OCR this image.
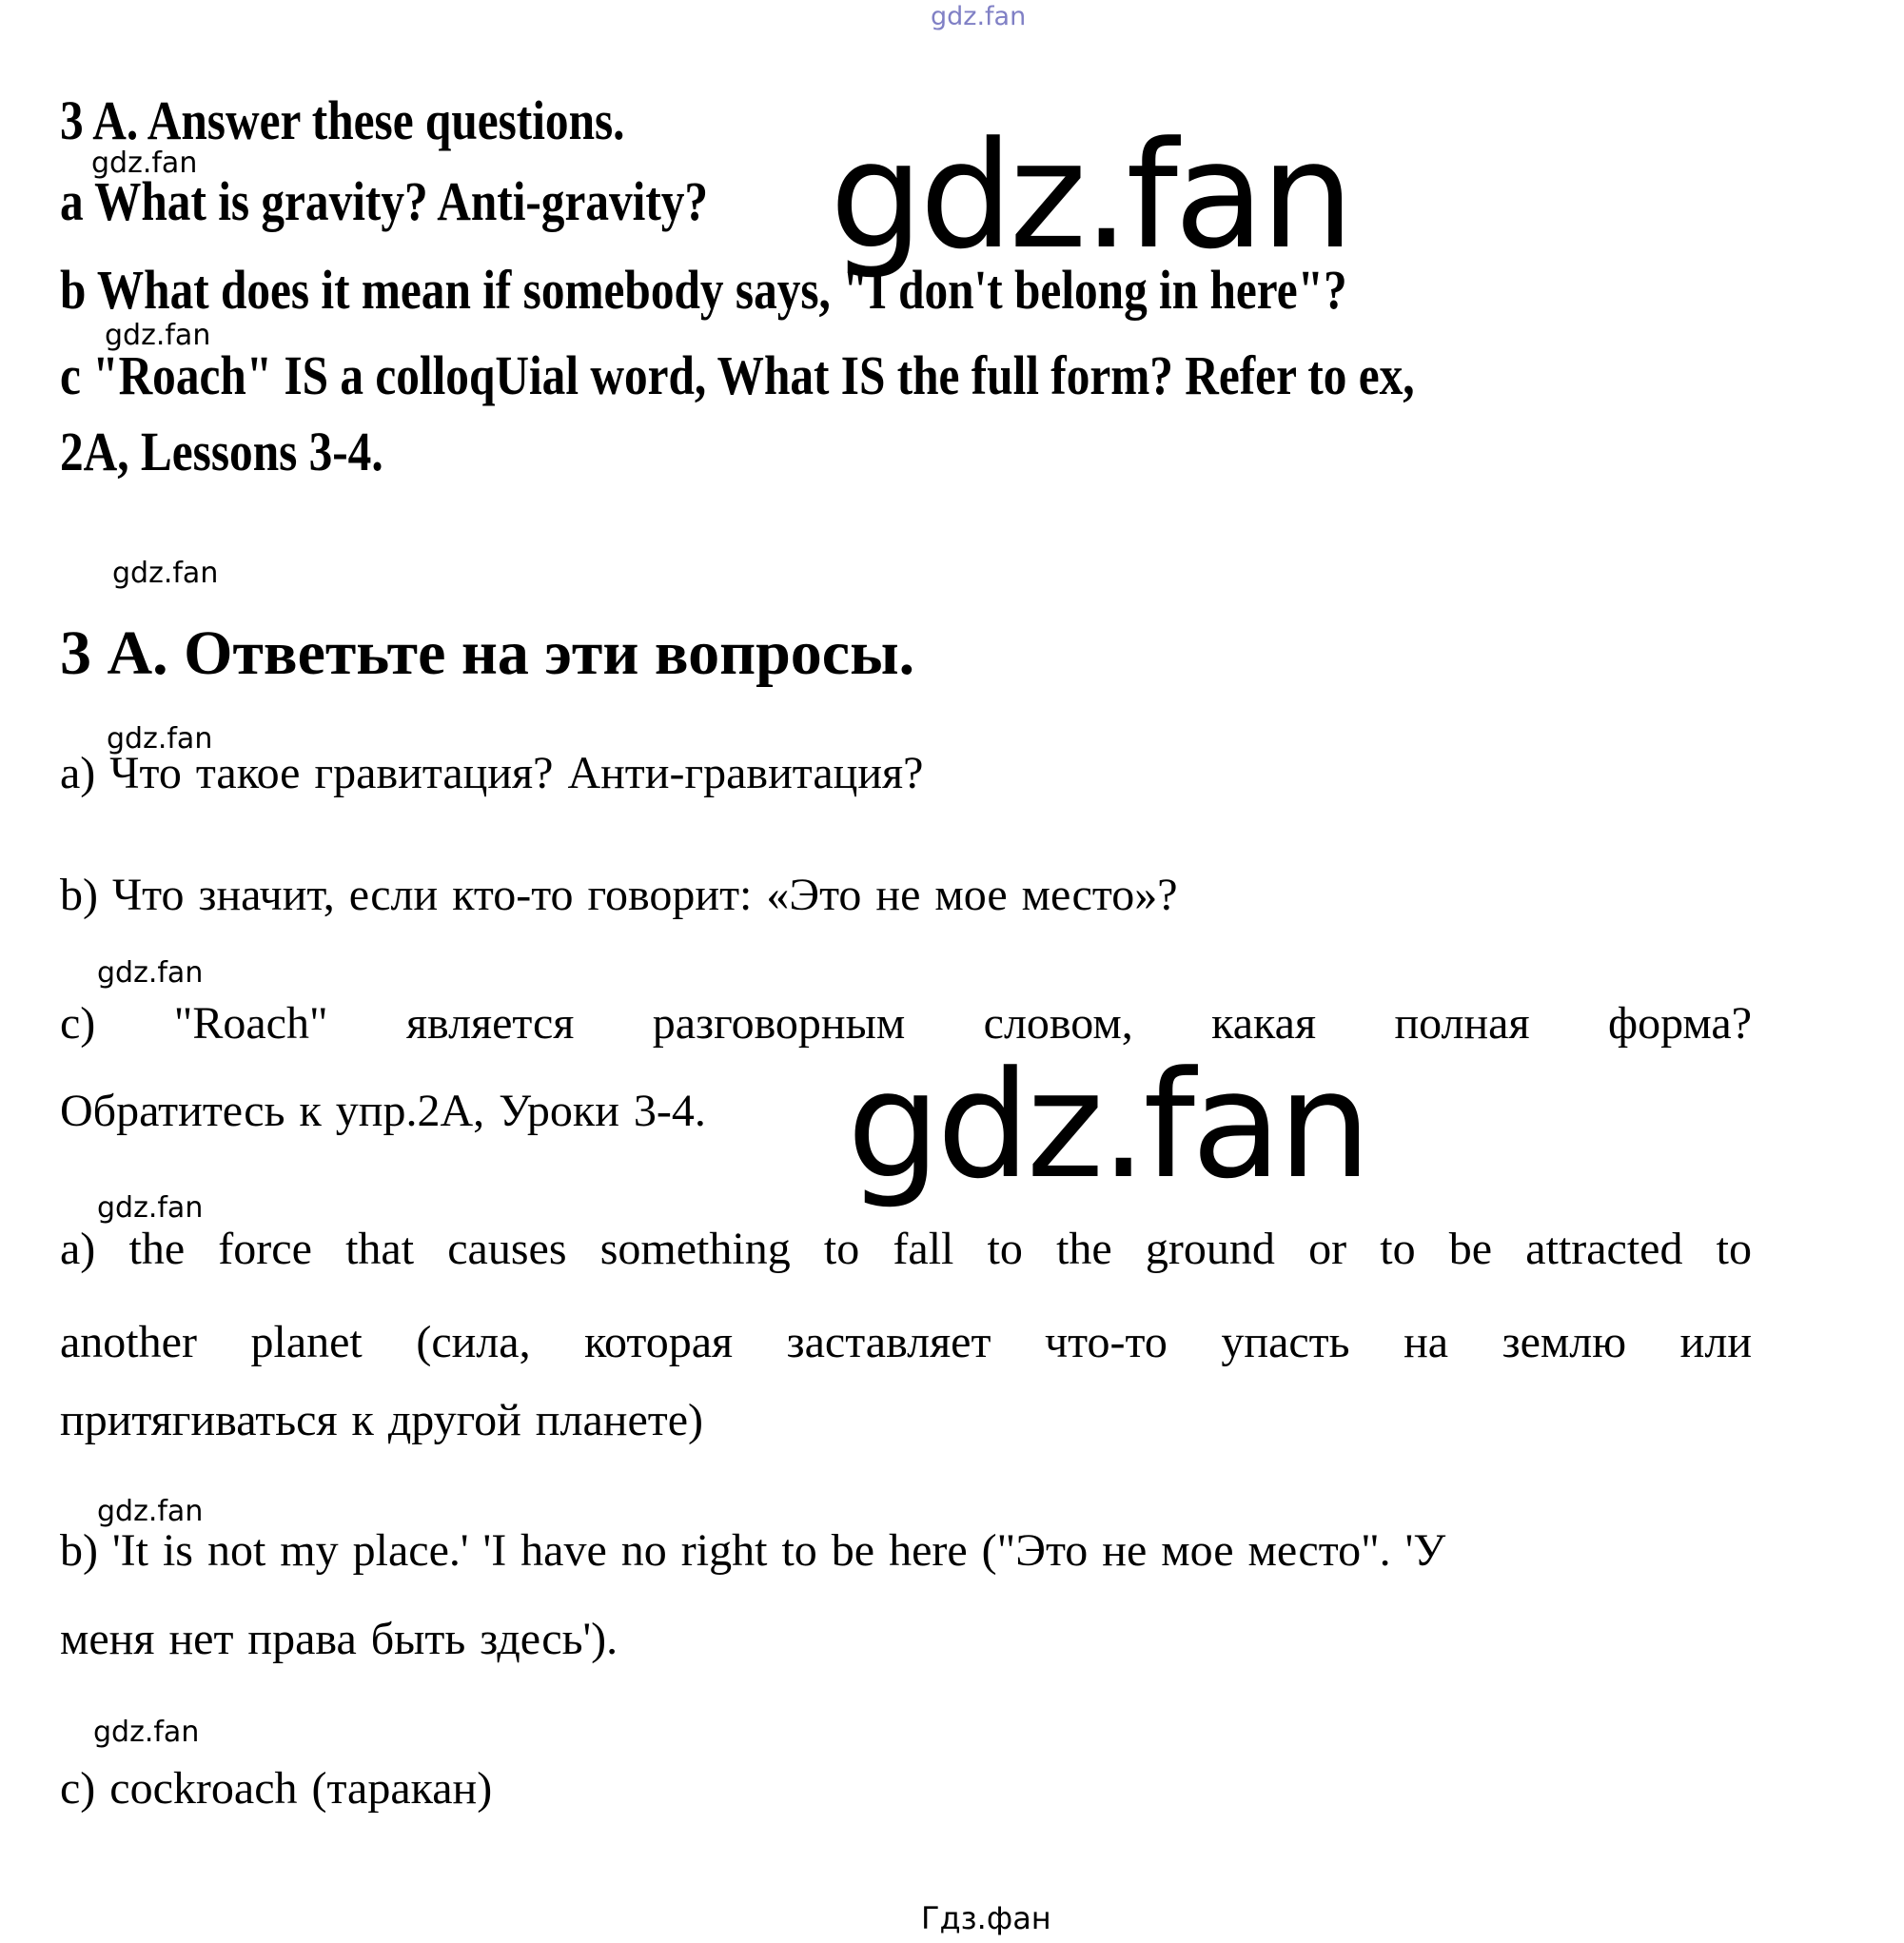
gdz.fan
3 A. Answer these questions.
gdz.fan
a What is gravity? Anti-gravity? gdz.fan
b What does it mean if somebody says, "I don't belong in here"?
gdz.fan
c "Roach" IS a colloqUial word, What IS the full form? Refer to ex,
2A, Lessons 3-4.
gdz.fan
3 А. Ответьте на эти вопросы.
gdz.fan
a) Что такое гравитация? Анти-гравитация?
b) Что значит, если кто-то говорит: «Это не мое место»?
gdz.fan
c) "Roach" является разговорным словом, какая полная форма?
Обратитесь к упр.2А, Уроки 3-4. gdz.fan
gdz.fan
a) the force that causes something to fall to the ground or to be attracted to
another planet (сила, которая заставляет что-то упасть на землю или
притягиваться к другой планете)
gdz.fan
b) 'It is not my place.' 'I have no right to be here ("Это не мое место". 'У
меня нет права быть здесь').
gdz.fan
c) cockroach (таракан)
Гдз.фан
